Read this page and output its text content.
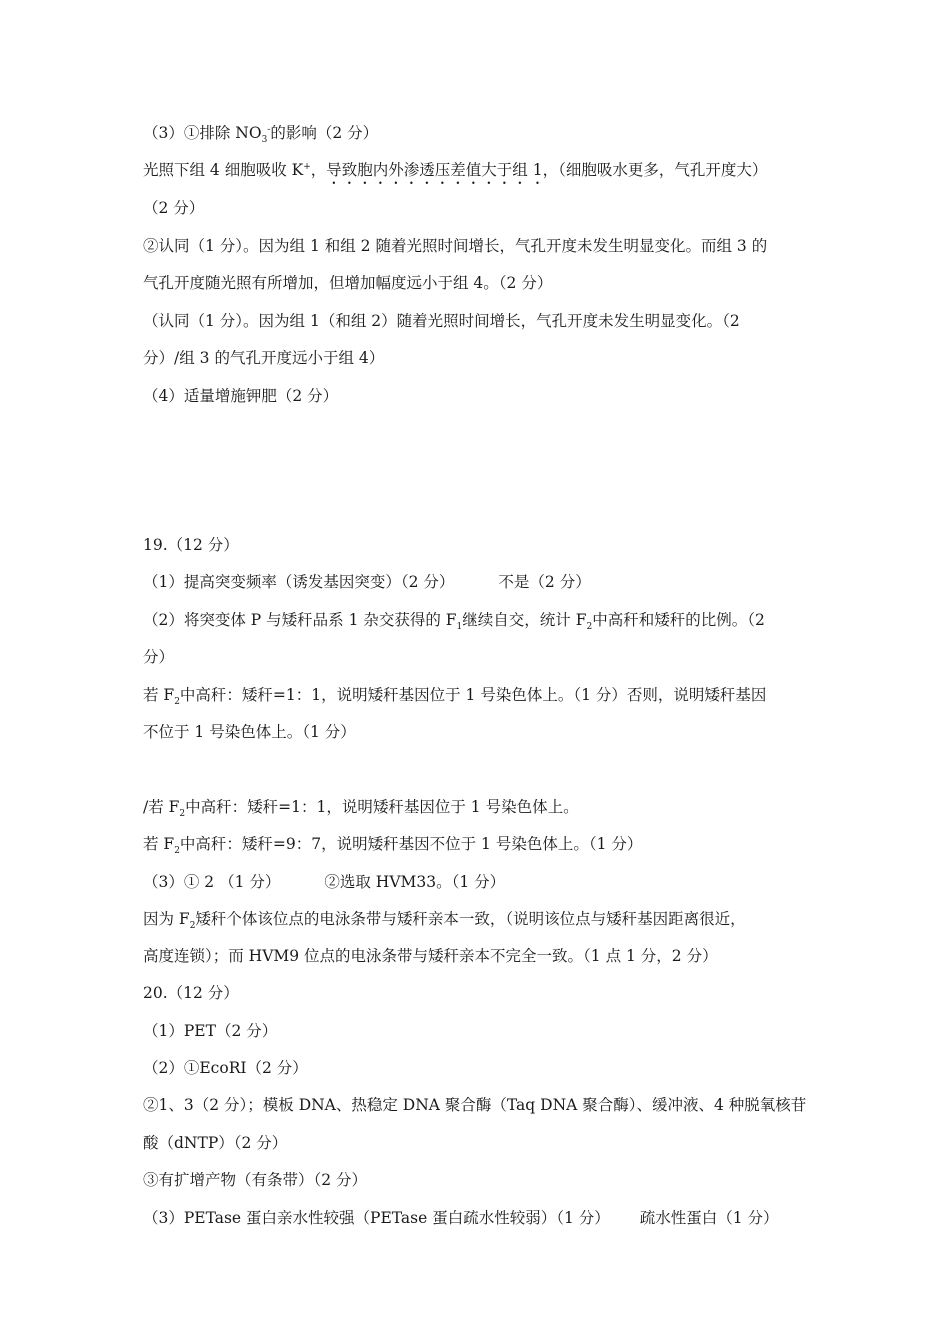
（3）①排除 $NO_3^-$的影响（2 分）
光照下组 4 细胞吸收 K+，导致胞内外渗透压差值大于组 1，（细胞吸水更多，气孔开度大）
（2 分）
②认同（1 分）。因为组 1 和组 2 随着光照时间增长，气孔开度未发生明显变化。而组 3 的
气孔开度随光照有所增加，但增加幅度远小于组 4。（2 分）
（认同（1 分）。因为组 1（和组 2）随着光照时间增长，气孔开度未发生明显变化。（2
分）/组 3 的气孔开度远小于组 4）
（4）适量增施钾肥（2 分）
19.（12 分）
（1）提高突变频率（诱发基因突变）（2 分）	不是（2 分）
（2）将突变体 P 与矮秆品系 1 杂交获得的 $F_1$继续自交，统计 $F_2$中高秆和矮秆的比例。（2
分）
若 $F_2$中高秆：矮秆=1：1，说明矮秆基因位于 1 号染色体上。（1 分）否则，说明矮秆基因
不位于 1 号染色体上。（1 分）
/若 $F_2$中高秆：矮秆=1：1，说明矮秆基因位于 1 号染色体上。
若 $F_2$中高秆：矮秆=9：7，说明矮秆基因不位于 1 号染色体上。（1 分）
（3）① 2 （1 分）	②选取 HVM33。（1 分）
因为 $F_2$矮秆个体该位点的电泳条带与矮秆亲本一致，（说明该位点与矮秆基因距离很近，
高度连锁）；而 HVM9 位点的电泳条带与矮秆亲本不完全一致。（1 点 1 分，2 分）
20.（12 分）
（1）PET（2 分）
（2）①EcoRI（2 分）
②1、3（2 分）；模板 DNA、热稳定 DNA 聚合酶（Taq DNA 聚合酶）、缓冲液、4 种脱氧核苷
酸（dNTP）（2 分）
③有扩增产物（有条带）（2 分）
（3）PETase 蛋白亲水性较强（PETase 蛋白疏水性较弱）（1 分） 疏水性蛋白（1 分）
